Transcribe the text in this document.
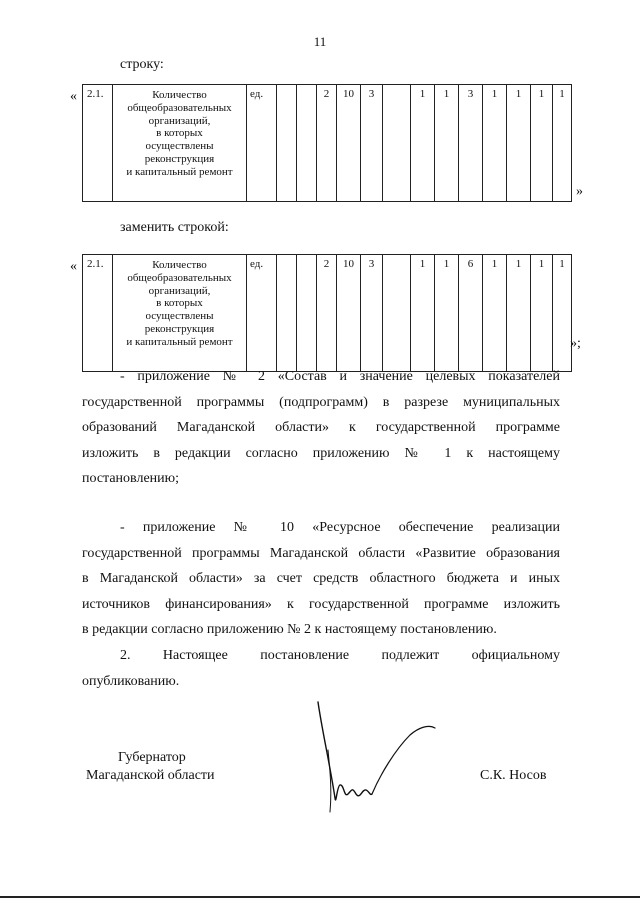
11
строку:
« 2.1.	Количество
общеобразовательных
организаций,
в которых
осуществлены
реконструкция
и капитальный ремонт
	ед.			2	10	3		1	1	3	1	1	1	1
»
заменить строкой:
« 2.1.	Количество
общеобразовательных
организаций,
в которых
осуществлены
реконструкция
и капитальный ремонт
	ед.			2	10	3		1	1	6	1	1	1	1
»;
- приложение № 2 «Состав и значение целевых показателей
государственной программы (подпрограмм) в разрезе муниципальных
образований Магаданской области» к государственной программе
изложить в редакции согласно приложению № 1 к настоящему
постановлению;
- приложение № 10 «Ресурсное обеспечение реализации
государственной программы Магаданской области «Развитие образования
в Магаданской области» за счет средств областного бюджета и иных
источников финансирования» к государственной программе изложить
в редакции согласно приложению № 2 к настоящему постановлению.
2. Настоящее постановление подлежит официальному
опубликованию.
Губернатор
Магаданской области	С.К. Носов
